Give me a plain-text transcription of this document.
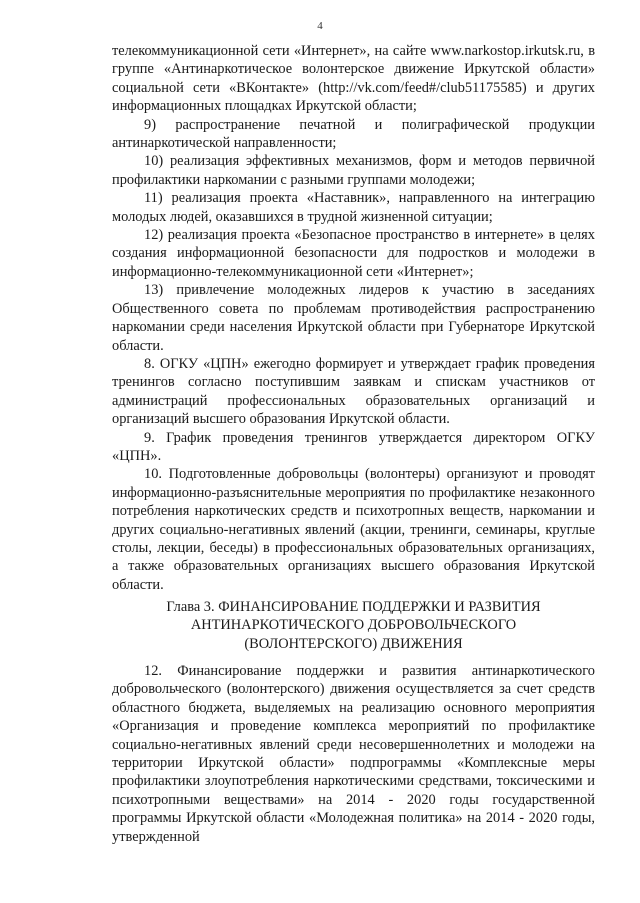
4

телекоммуникационной сети «Интернет», на сайте www.narkostop.irkutsk.ru, в группе «Антинаркотическое волонтерское движение Иркутской области» социальной сети «ВКонтакте» (http://vk.com/feed#/club51175585) и других информационных площадках Иркутской области;

9) распространение печатной и полиграфической продукции антинаркотической направленности;

10) реализация эффективных механизмов, форм и методов первичной профилактики наркомании с разными группами молодежи;

11) реализация проекта «Наставник», направленного на интеграцию молодых людей, оказавшихся в трудной жизненной ситуации;

12) реализация проекта «Безопасное пространство в интернете» в целях создания информационной безопасности для подростков и молодежи в информационно-телекоммуникационной сети «Интернет»;

13) привлечение молодежных лидеров к участию в заседаниях Общественного совета по проблемам противодействия распространению наркомании среди населения Иркутской области при Губернаторе Иркутской области.

8. ОГКУ «ЦПН» ежегодно формирует и утверждает график проведения тренингов согласно поступившим заявкам и спискам участников от администраций профессиональных образовательных организаций и организаций высшего образования Иркутской области.

9. График проведения тренингов утверждается директором ОГКУ «ЦПН».

10. Подготовленные добровольцы (волонтеры) организуют и проводят информационно-разъяснительные мероприятия по профилактике незаконного потребления наркотических средств и психотропных веществ, наркомании и других социально-негативных явлений (акции, тренинги, семинары, круглые столы, лекции, беседы) в профессиональных образовательных организациях, а также образовательных организациях высшего образования Иркутской области.

Глава 3. ФИНАНСИРОВАНИЕ ПОДДЕРЖКИ И РАЗВИТИЯ
АНТИНАРКОТИЧЕСКОГО ДОБРОВОЛЬЧЕСКОГО
(ВОЛОНТЕРСКОГО) ДВИЖЕНИЯ

12. Финансирование поддержки и развития антинаркотического добровольческого (волонтерского) движения осуществляется за счет средств областного бюджета, выделяемых на реализацию основного мероприятия «Организация и проведение комплекса мероприятий по профилактике социально-негативных явлений среди несовершеннолетних и молодежи на территории Иркутской области» подпрограммы «Комплексные меры профилактики злоупотребления наркотическими средствами, токсическими и психотропными веществами» на 2014 - 2020 годы государственной программы Иркутской области «Молодежная политика» на 2014 - 2020 годы, утвержденной
